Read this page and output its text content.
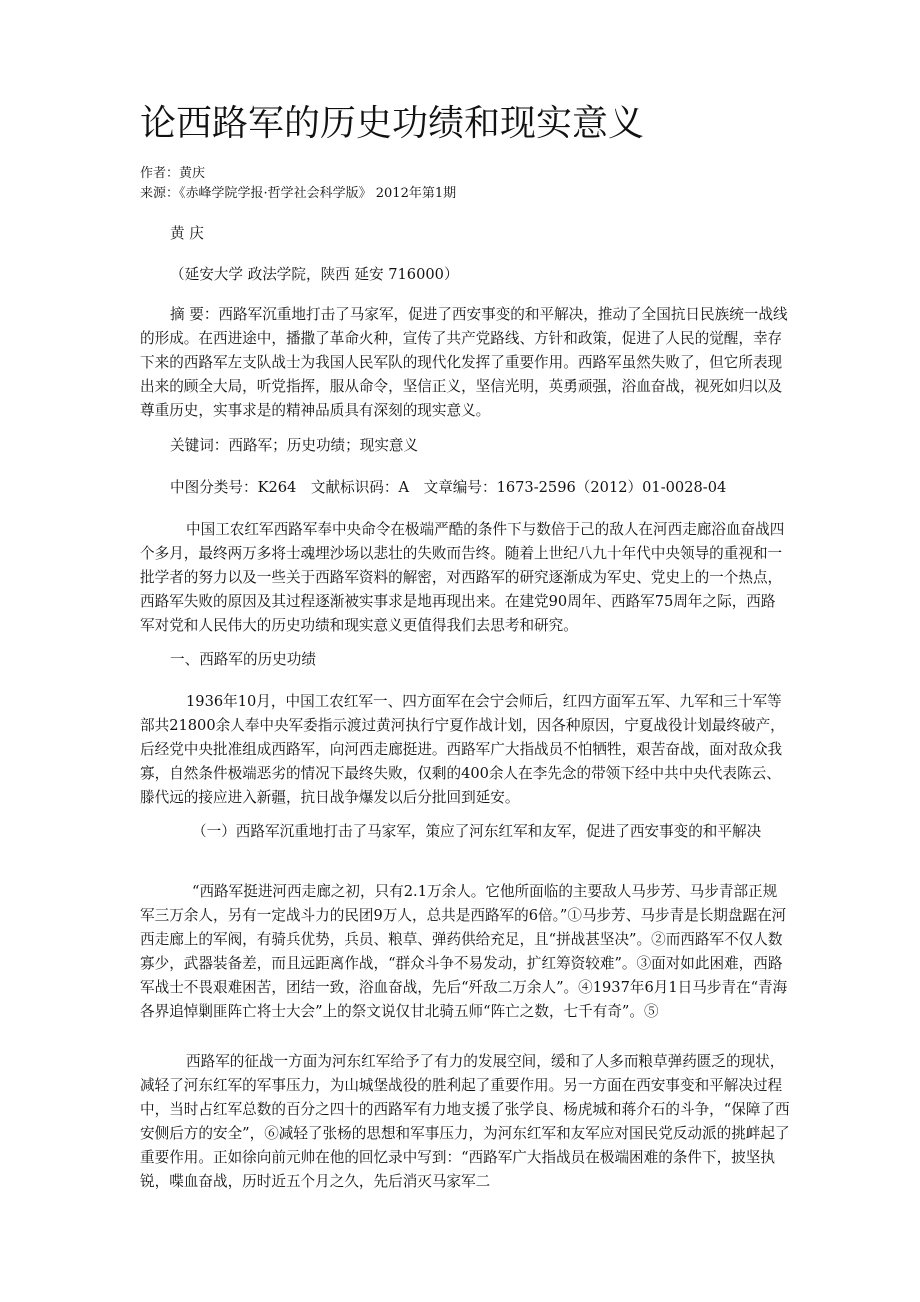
论西路军的历史功绩和现实意义
作者：黄庆
来源：《赤峰学院学报·哲学社会科学版》 2012年第1期

黄 庆

（延安大学 政法学院，陕西 延安 716000）

摘 要：西路军沉重地打击了马家军，促进了西安事变的和平解决，推动了全国抗日民族统一战线的形成。在西进途中，播撒了革命火种，宣传了共产党路线、方针和政策，促进了人民的觉醒，幸存下来的西路军左支队战士为我国人民军队的现代化发挥了重要作用。西路军虽然失败了，但它所表现出来的顾全大局，听党指挥，服从命令，坚信正义，坚信光明，英勇顽强，浴血奋战，视死如归以及尊重历史，实事求是的精神品质具有深刻的现实意义。

关键词：西路军；历史功绩；现实意义

中图分类号：K264　文献标识码：A　文章编号：1673-2596（2012）01-0028-04

中国工农红军西路军奉中央命令在极端严酷的条件下与数倍于己的敌人在河西走廊浴血奋战四个多月，最终两万多将士魂埋沙场以悲壮的失败而告终。随着上世纪八九十年代中央领导的重视和一批学者的努力以及一些关于西路军资料的解密，对西路军的研究逐渐成为军史、党史上的一个热点，西路军失败的原因及其过程逐渐被实事求是地再现出来。在建党90周年、西路军75周年之际，西路军对党和人民伟大的历史功绩和现实意义更值得我们去思考和研究。

一、西路军的历史功绩

1936年10月，中国工农红军一、四方面军在会宁会师后，红四方面军五军、九军和三十军等部共21800余人奉中央军委指示渡过黄河执行宁夏作战计划，因各种原因，宁夏战役计划最终破产，后经党中央批准组成西路军，向河西走廊挺进。西路军广大指战员不怕牺牲，艰苦奋战，面对敌众我寡，自然条件极端恶劣的情况下最终失败，仅剩的400余人在李先念的带领下经中共中央代表陈云、滕代远的接应进入新疆，抗日战争爆发以后分批回到延安。

（一）西路军沉重地打击了马家军，策应了河东红军和友军，促进了西安事变的和平解决

“西路军挺进河西走廊之初，只有2.1万余人。它他所面临的主要敌人马步芳、马步青部正规军三万余人，另有一定战斗力的民团9万人，总共是西路军的6倍。”①马步芳、马步青是长期盘踞在河西走廊上的军阀，有骑兵优势，兵员、粮草、弹药供给充足，且“拼战甚坚决”。②而西路军不仅人数寡少，武器装备差，而且远距离作战，“群众斗争不易发动，扩红筹资较难”。③面对如此困难，西路军战士不畏艰难困苦，团结一致，浴血奋战，先后“歼敌二万余人”。④1937年6月1日马步青在“青海各界追悼剿匪阵亡将士大会”上的祭文说仅甘北骑五师“阵亡之数，七千有奇”。⑤

西路军的征战一方面为河东红军给予了有力的发展空间，缓和了人多而粮草弹药匮乏的现状，减轻了河东红军的军事压力，为山城堡战役的胜利起了重要作用。另一方面在西安事变和平解决过程中，当时占红军总数的百分之四十的西路军有力地支援了张学良、杨虎城和蒋介石的斗争，“保障了西安侧后方的安全”，⑥减轻了张杨的思想和军事压力，为河东红军和友军应对国民党反动派的挑衅起了重要作用。正如徐向前元帅在他的回忆录中写到：“西路军广大指战员在极端困难的条件下，披坚执锐，喋血奋战，历时近五个月之久，先后消灭马家军二
